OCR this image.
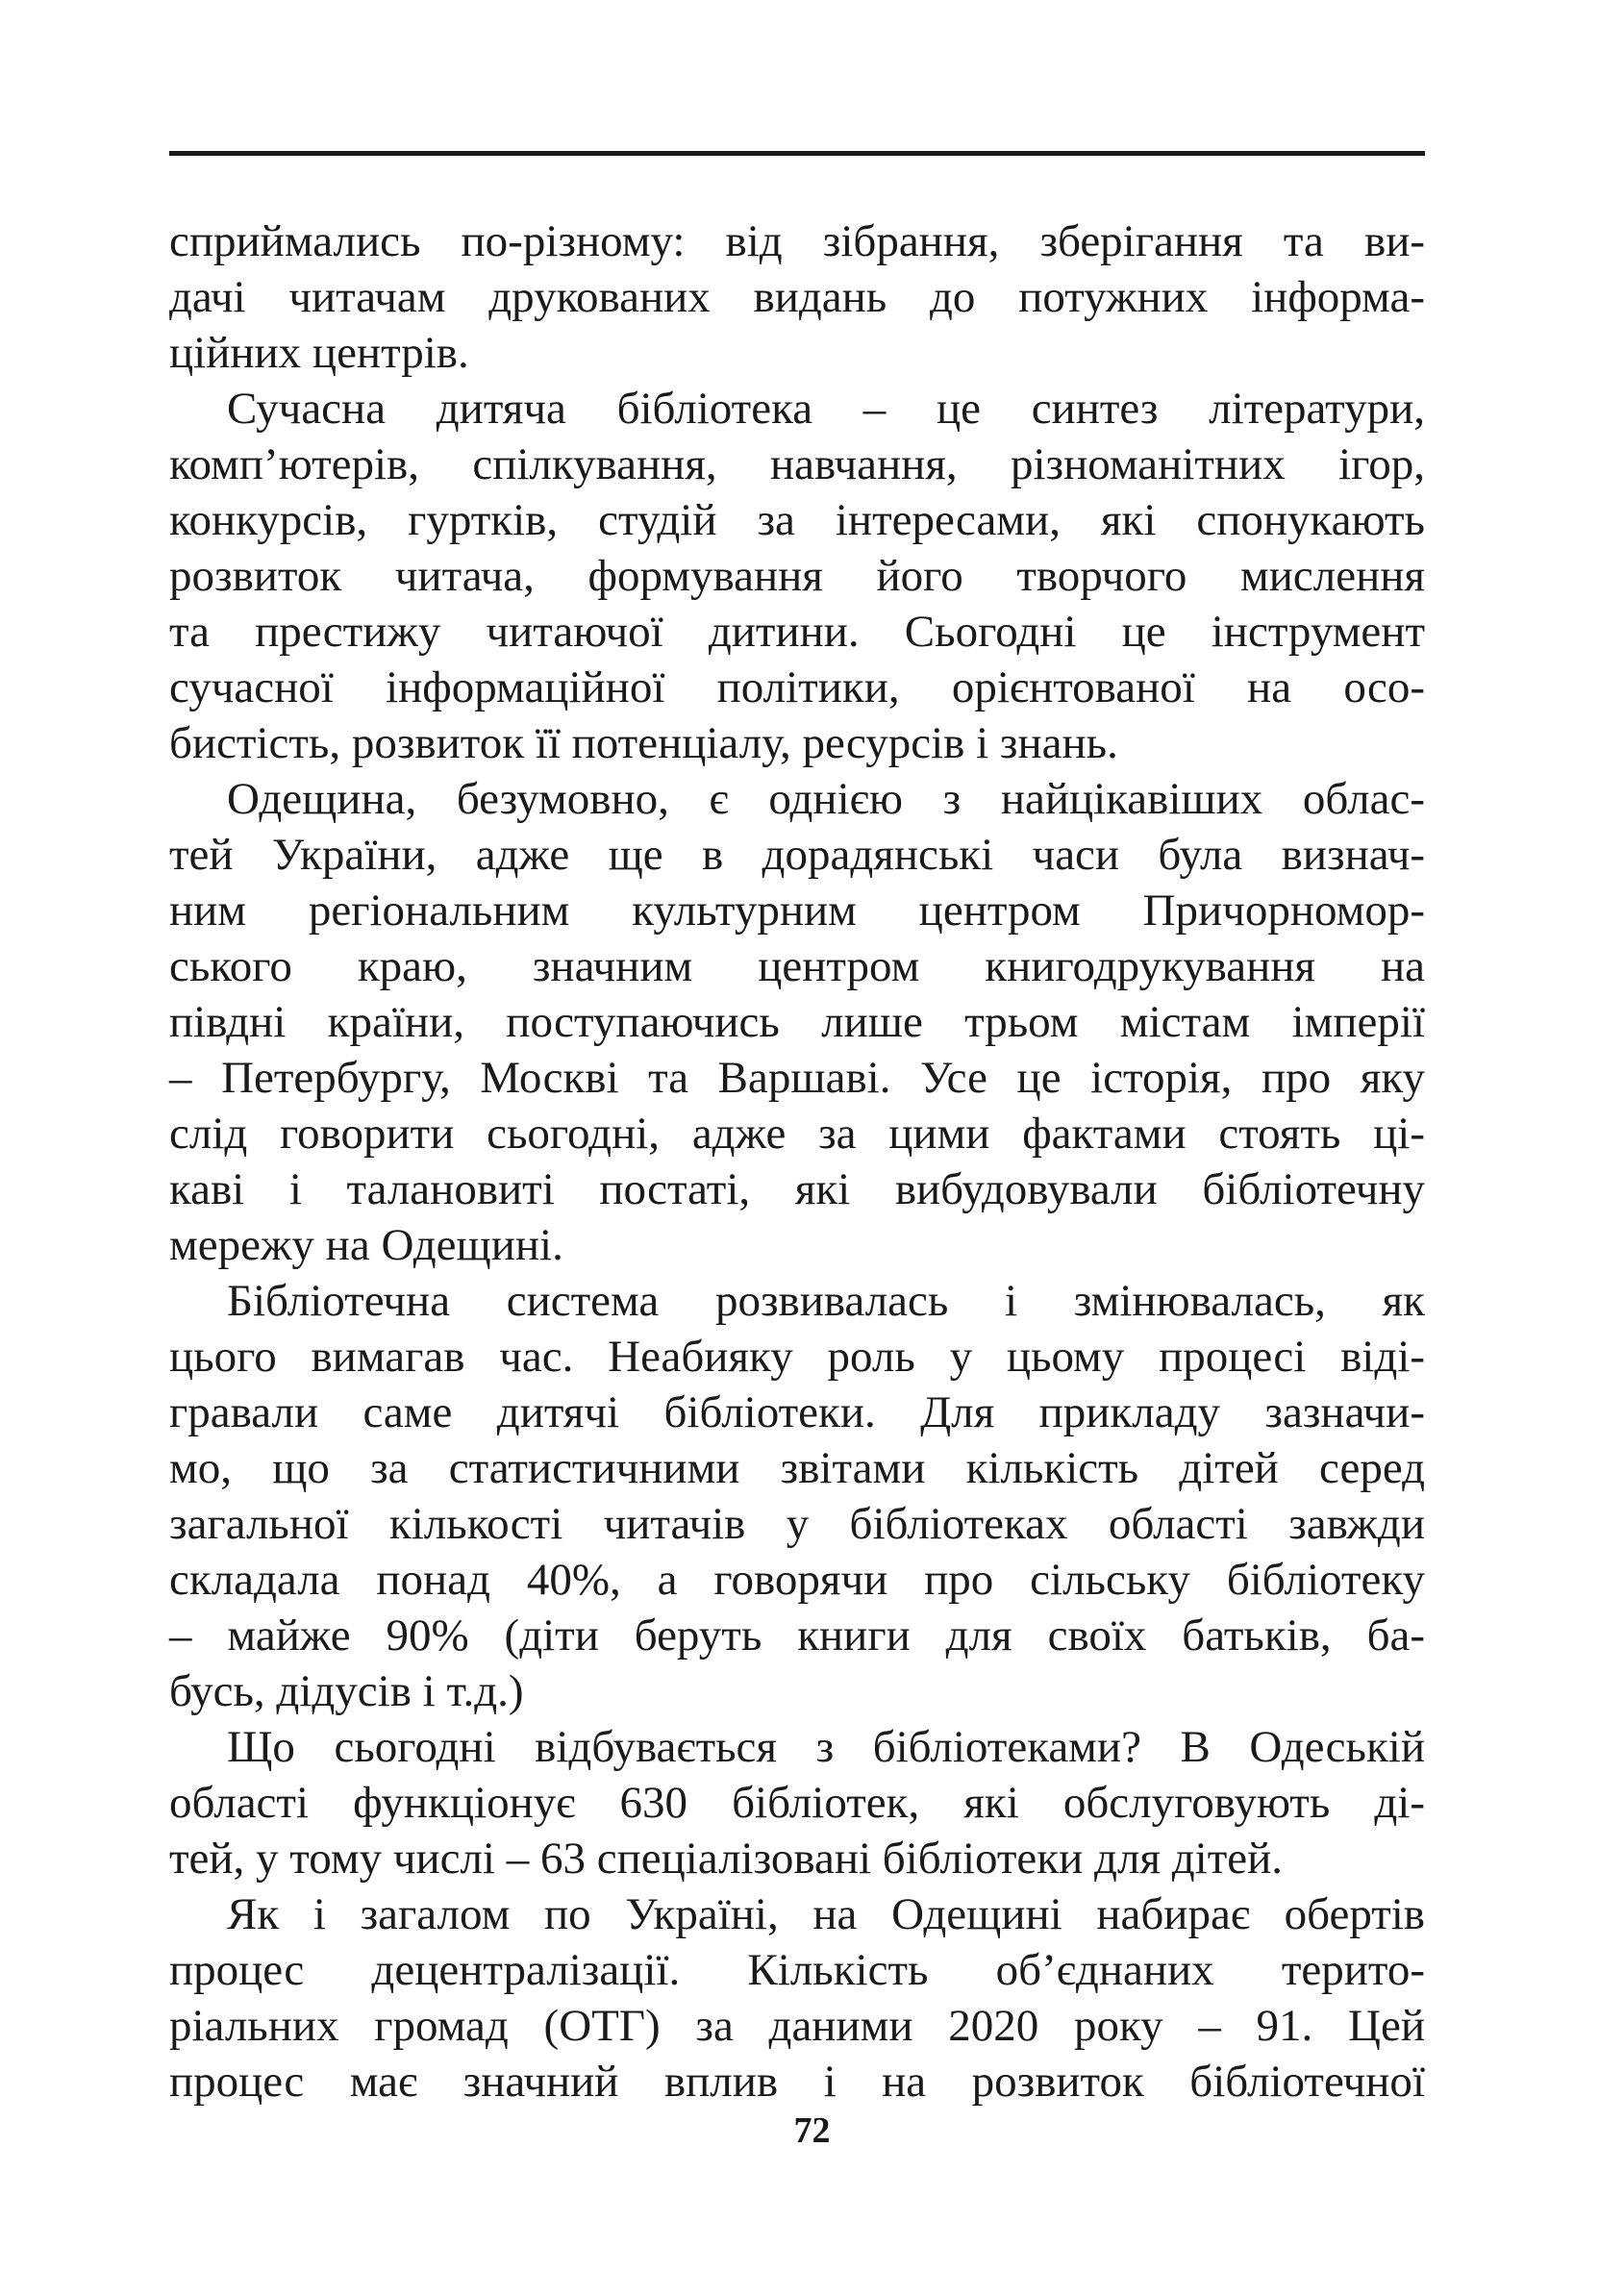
сприймались по-різному: від зібрання, зберігання та ви-
дачі читачам друкованих видань до потужних інформа-
ційних центрів.
Сучасна дитяча бібліотека – це синтез літератури,
комп’ютерів, спілкування, навчання, різноманітних ігор,
конкурсів, гуртків, студій за інтересами, які спонукають
розвиток читача, формування його творчого мислення
та престижу читаючої дитини. Сьогодні це інструмент
сучасної інформаційної політики, орієнтованої на осо-
бистість, розвиток її потенціалу, ресурсів і знань.
Одещина, безумовно, є однією з найцікавіших облас-
тей України, адже ще в дорадянські часи була визнач-
ним регіональним культурним центром Причорномор-
ського краю, значним центром книгодрукування на
півдні країни, поступаючись лише трьом містам імперії
– Петербургу, Москві та Варшаві. Усе це історія, про яку
слід говорити сьогодні, адже за цими фактами стоять ці-
каві і талановиті постаті, які вибудовували бібліотечну
мережу на Одещині.
Бібліотечна система розвивалась і змінювалась, як
цього вимагав час. Неабияку роль у цьому процесі віді-
гравали саме дитячі бібліотеки. Для прикладу зазначи-
мо, що за статистичними звітами кількість дітей серед
загальної кількості читачів у бібліотеках області завжди
складала понад 40%, а говорячи про сільську бібліотеку
– майже 90% (діти беруть книги для своїх батьків, ба-
бусь, дідусів і т.д.)
Що сьогодні відбувається з бібліотеками? В Одеській
області функціонує 630 бібліотек, які обслуговують ді-
тей, у тому числі – 63 спеціалізовані бібліотеки для дітей.
Як і загалом по Україні, на Одещині набирає обертів
процес децентралізації. Кількість об’єднаних терито-
ріальних громад (ОТГ) за даними 2020 року – 91. Цей
процес має значний вплив і на розвиток бібліотечної
72
